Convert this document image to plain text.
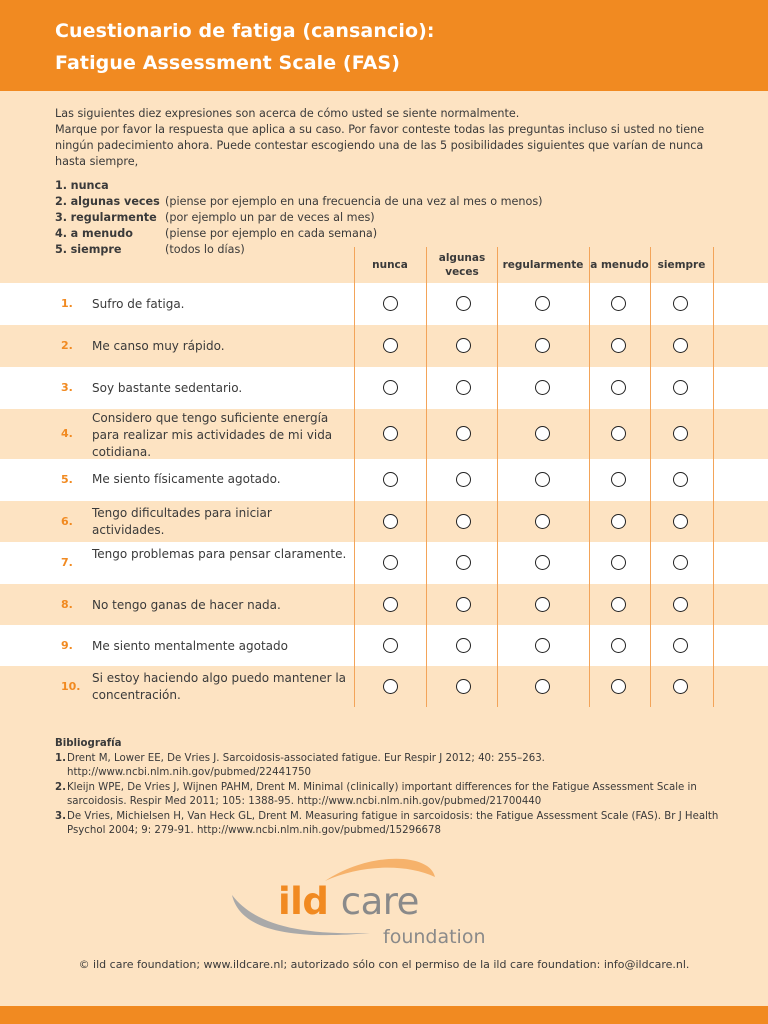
Cuestionario de fatiga (cansancio):
Fatigue Assessment Scale (FAS)

Las siguientes diez expresiones son acerca de cómo usted se siente normalmente.

Marque por favor la respuesta que aplica a su caso. Por favor conteste todas las preguntas incluso si usted no tiene ningún padecimiento ahora. Puede contestar escogiendo una de las 5 posibilidades siguientes que varían de nunca hasta siempre,

1. nunca
2. algunas veces (piense por ejemplo en una frecuencia de una vez al mes o menos)
3. regularmente (por ejemplo un par de veces al mes)
4. a menudo	(piense por ejemplo en cada semana)
5. siempre	(todos lo días)
1. Sufro de fatiga.
2. Me canso muy rápido.
3. Soy bastante sedentario.
4.
Considero que tengo suficiente energía para realizar mis actividades de mi vida cotidiana.
5. Me siento físicamente agotado.
6.
Tengo dificultades para iniciar actividades.
7.
Tengo problemas para pensar claramente.
8. No tengo ganas de hacer nada.
9. Me siento mentalmente agotado
10.
Si estoy haciendo algo puedo mantener la concentración.
Bibliografía
1. Drent M, Lower EE, De Vries J. Sarcoidosis-associated fatigue. Eur Respir J 2012; 40: 255–263. http://www.ncbi.nlm.nih.gov/pubmed/22441750
2. Kleijn WPE, De Vries J, Wijnen PAHM, Drent M. Minimal (clinically) important differences for the Fatigue Assessment Scale in sarcoidosis. Respir Med 2011; 105: 1388-95. http://www.ncbi.nlm.nih.gov/pubmed/21700440
3. De Vries, Michielsen H, Van Heck GL, Drent M. Measuring fatigue in sarcoidosis: the Fatigue Assessment Scale (FAS). Br J Health Psychol 2004; 9: 279-91. http://www.ncbi.nlm.nih.gov/pubmed/15296678
ild care
foundation
© ild care foundation; www.ildcare.nl; autorizado sólo con el permiso de la ild care foundation: info@ildcare.nl.
nunca
algunas veces
regularmente a menudo siempre
